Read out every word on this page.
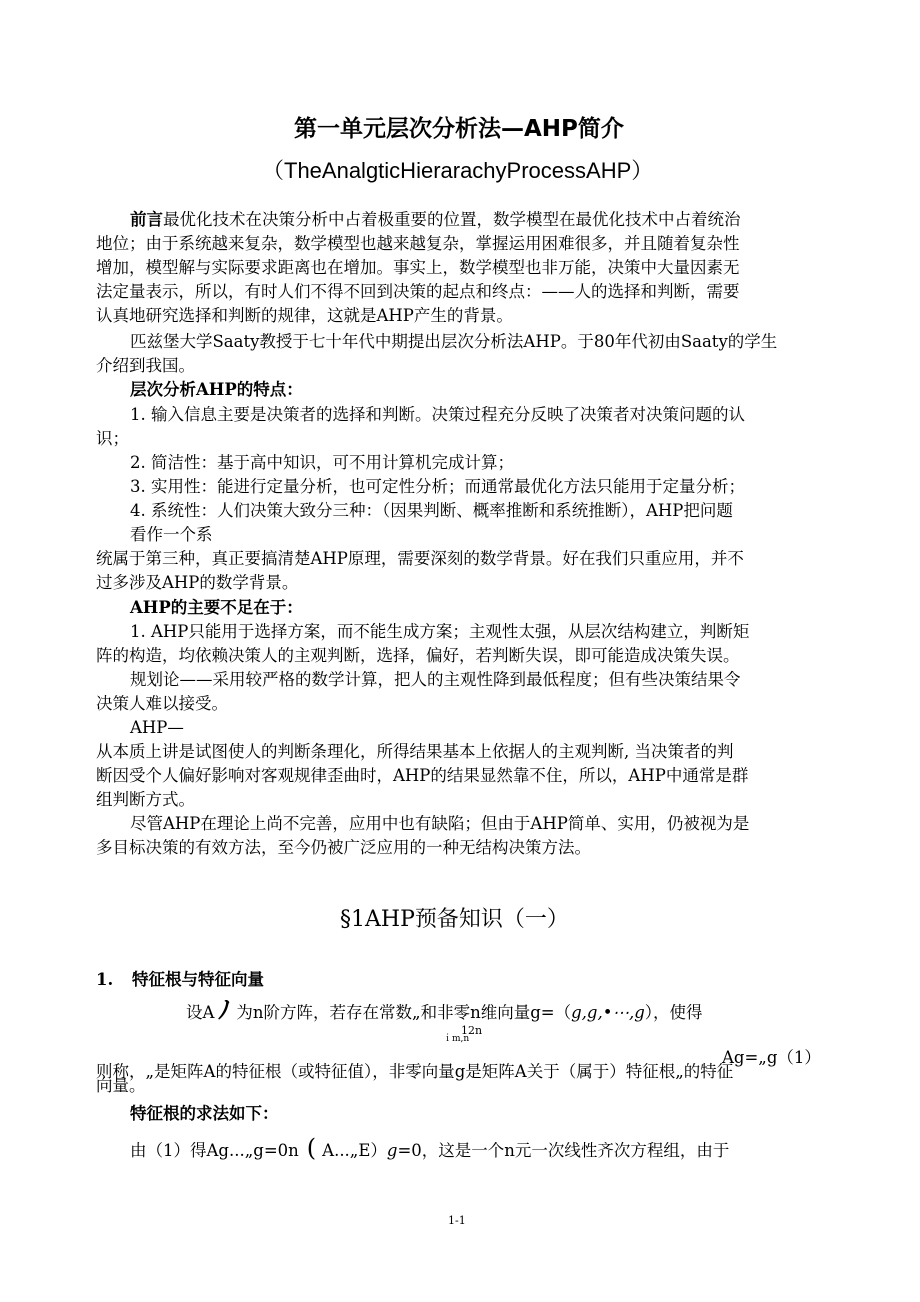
第一单元层次分析法—AHP简介
（TheAnalgticHierarachyProcessAHP）
前言最优化技术在决策分析中占着极重要的位置，数学模型在最优化技术中占着统治
地位；由于系统越来复杂，数学模型也越来越复杂，掌握运用困难很多，并且随着复杂性
增加，模型解与实际要求距离也在增加。事实上，数学模型也非万能，决策中大量因素无
法定量表示，所以，有时人们不得不回到决策的起点和终点：——人的选择和判断，需要
认真地研究选择和判断的规律，这就是AHP产生的背景。
匹兹堡大学Saaty教授于七十年代中期提出层次分析法AHP。于80年代初由Saaty的学生
介绍到我国。
层次分析AHP的特点：
1. 输入信息主要是决策者的选择和判断。决策过程充分反映了决策者对决策问题的认
识；
2. 简洁性：基于高中知识，可不用计算机完成计算；
3. 实用性：能进行定量分析，也可定性分析；而通常最优化方法只能用于定量分析；
4. 系统性：人们决策大致分三种：（因果判断、概率推断和系统推断），AHP把问题
看作一个系
统属于第三种，真正要搞清楚AHP原理，需要深刻的数学背景。好在我们只重应用，并不
过多涉及AHP的数学背景。
AHP的主要不足在于：
1. AHP只能用于选择方案，而不能生成方案；主观性太强，从层次结构建立，判断矩
阵的构造，均依赖决策人的主观判断，选择，偏好，若判断失误，即可能造成决策失误。
规划论——采用较严格的数学计算，把人的主观性降到最低程度；但有些决策结果令
决策人难以接受。
AHP—
从本质上讲是试图使人的判断条理化，所得结果基本上依据人的主观判断, 当决策者的判
断因受个人偏好影响对客观规律歪曲时，AHP的结果显然靠不住，所以，AHP中通常是群
组判断方式。
尽管AHP在理论上尚不完善，应用中也有缺陷；但由于AHP简单、实用，仍被视为是
多目标决策的有效方法，至今仍被广泛应用的一种无结构决策方法。
§1AHP预备知识（一）
1. 特征根与特征向量
设A ﾉ 为n阶方阵，若存在常数„和非零n维向量g=（g,g,•⋯,g），使得
ｉm,n
12n
Ag=„g（1）
则称，„是矩阵A的特征根（或特征值），非零向量g是矩阵A关于（属于）特征根„的特征
向量。
特征根的求法如下：
由（1）得Ag...„g=0n ( A...„E）g=0，这是一个n元一次线性齐次方程组，由于
1-1
